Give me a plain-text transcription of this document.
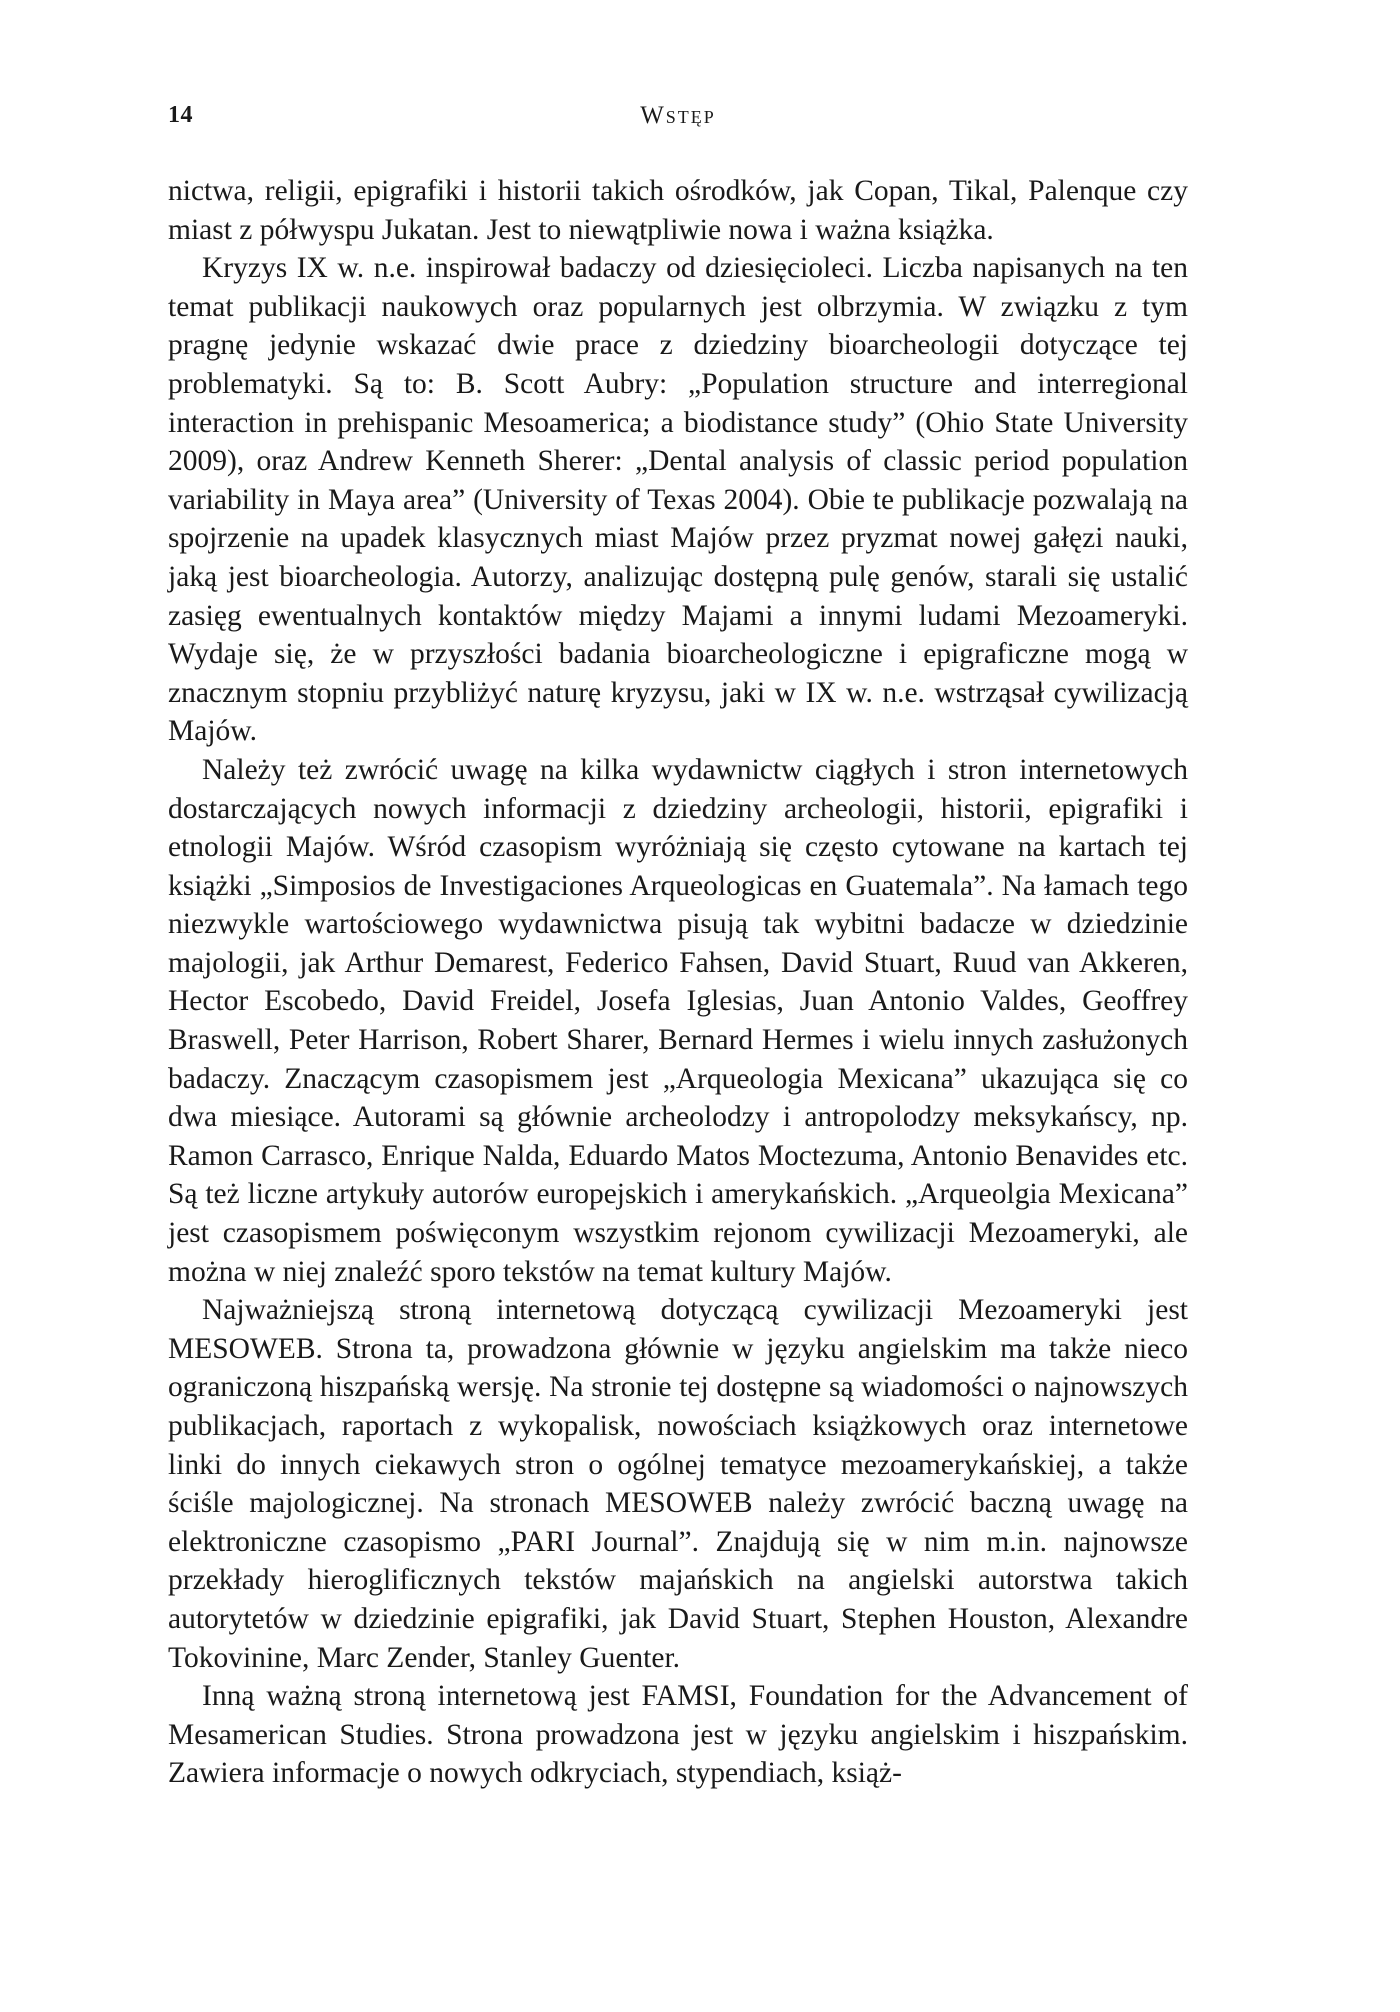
14	Wstęp

nictwa, religii, epigrafiki i historii takich ośrodków, jak Copan, Tikal, Palenque czy miast z półwyspu Jukatan. Jest to niewątpliwie nowa i ważna książka.

Kryzys IX w. n.e. inspirował badaczy od dziesięcioleci. Liczba napisanych na ten temat publikacji naukowych oraz popularnych jest olbrzymia. W związku z tym pragnę jedynie wskazać dwie prace z dziedziny bioarcheologii dotyczące tej problematyki. Są to: B. Scott Aubry: „Population structure and interregional interaction in prehispanic Mesoamerica; a biodistance study” (Ohio State University 2009), oraz Andrew Kenneth Sherer: „Dental analysis of classic period population variability in Maya area” (University of Texas 2004). Obie te publikacje pozwalają na spojrzenie na upadek klasycznych miast Majów przez pryzmat nowej gałęzi nauki, jaką jest bioarcheologia. Autorzy, analizując dostępną pulę genów, starali się ustalić zasięg ewentualnych kontaktów między Majami a innymi ludami Mezoameryki. Wydaje się, że w przyszłości badania bioarcheologiczne i epigraficzne mogą w znacznym stopniu przybliżyć naturę kryzysu, jaki w IX w. n.e. wstrząsał cywilizacją Majów.

Należy też zwrócić uwagę na kilka wydawnictw ciągłych i stron internetowych dostarczających nowych informacji z dziedziny archeologii, historii, epigrafiki i etnologii Majów. Wśród czasopism wyróżniają się często cytowane na kartach tej książki „Simposios de Investigaciones Arqueologicas en Guatemala”. Na łamach tego niezwykle wartościowego wydawnictwa pisują tak wybitni badacze w dziedzinie majologii, jak Arthur Demarest, Federico Fahsen, David Stuart, Ruud van Akkeren, Hector Escobedo, David Freidel, Josefa Iglesias, Juan Antonio Valdes, Geoffrey Braswell, Peter Harrison, Robert Sharer, Bernard Hermes i wielu innych zasłużonych badaczy. Znaczącym czasopismem jest „Arqueologia Mexicana” ukazująca się co dwa miesiące. Autorami są głównie archeolodzy i antropolodzy meksykańscy, np. Ramon Carrasco, Enrique Nalda, Eduardo Matos Moctezuma, Antonio Benavides etc. Są też liczne artykuły autorów europejskich i amerykańskich. „Arqueolgia Mexicana” jest czasopismem poświęconym wszystkim rejonom cywilizacji Mezoameryki, ale można w niej znaleźć sporo tekstów na temat kultury Majów.

Najważniejszą stroną internetową dotyczącą cywilizacji Mezoameryki jest MESOWEB. Strona ta, prowadzona głównie w języku angielskim ma także nieco ograniczoną hiszpańską wersję. Na stronie tej dostępne są wiadomości o najnowszych publikacjach, raportach z wykopalisk, nowościach książkowych oraz internetowe linki do innych ciekawych stron o ogólnej tematyce mezoamerykańskiej, a także ściśle majologicznej. Na stronach MESOWEB należy zwrócić baczną uwagę na elektroniczne czasopismo „PARI Journal”. Znajdują się w nim m.in. najnowsze przekłady hieroglificznych tekstów majańskich na angielski autorstwa takich autorytetów w dziedzinie epigrafiki, jak David Stuart, Stephen Houston, Alexandre Tokovinine, Marc Zender, Stanley Guenter.

Inną ważną stroną internetową jest FAMSI, Foundation for the Advancement of Mesamerican Studies. Strona prowadzona jest w języku angielskim i hiszpańskim. Zawiera informacje o nowych odkryciach, stypendiach, książ-
